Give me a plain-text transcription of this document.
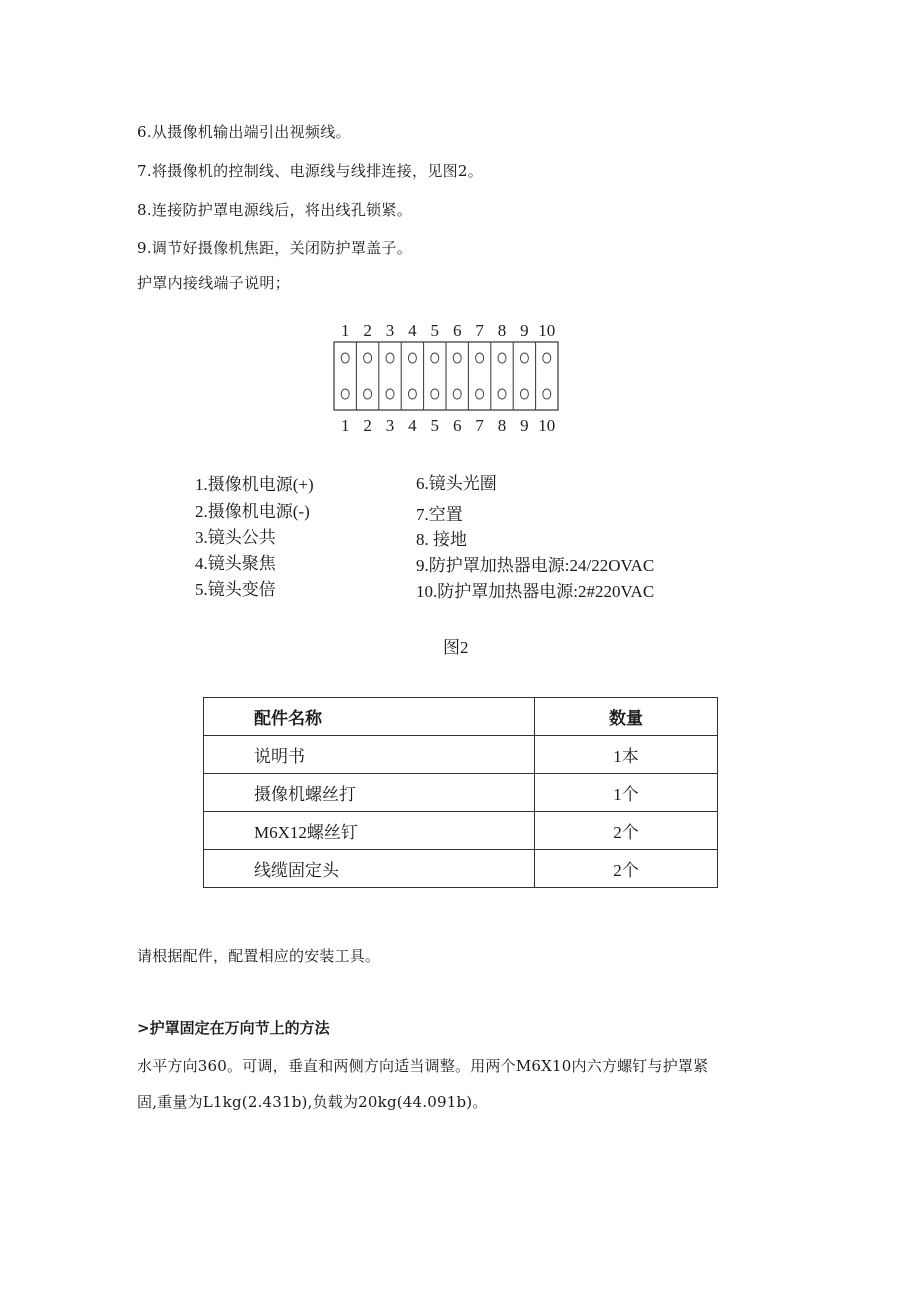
6.从摄像机输出端引出视频线。
7.将摄像机的控制线、电源线与线排连接，见图2。
8.连接防护罩电源线后，将出线孔锁紧。
9.调节好摄像机焦距，关闭防护罩盖子。
护罩内接线端子说明；
1 2 3 4 5 6 7 8 9 10
1 2 3 4 5 6 7 8 9 10
1.摄像机电源(+)
2.摄像机电源(-)
3.镜头公共
4.镜头聚焦
5.镜头变倍
6.镜头光圈
7.空置
8. 接地
9.防护罩加热器电源:24/22OVAC
10.防护罩加热器电源:2#220VAC
图2
配件名称	数量
说明书	1本
摄像机螺丝打	1个
M6X12螺丝钉	2个
线缆固定头	2个
请根据配件，配置相应的安装工具。
>护罩固定在万向节上的方法
水平方向360。可调，垂直和两侧方向适当调整。用两个M6X10内六方螺钉与护罩紧
固,重量为L1kg(2.431b),负载为20kg(44.091b)。
